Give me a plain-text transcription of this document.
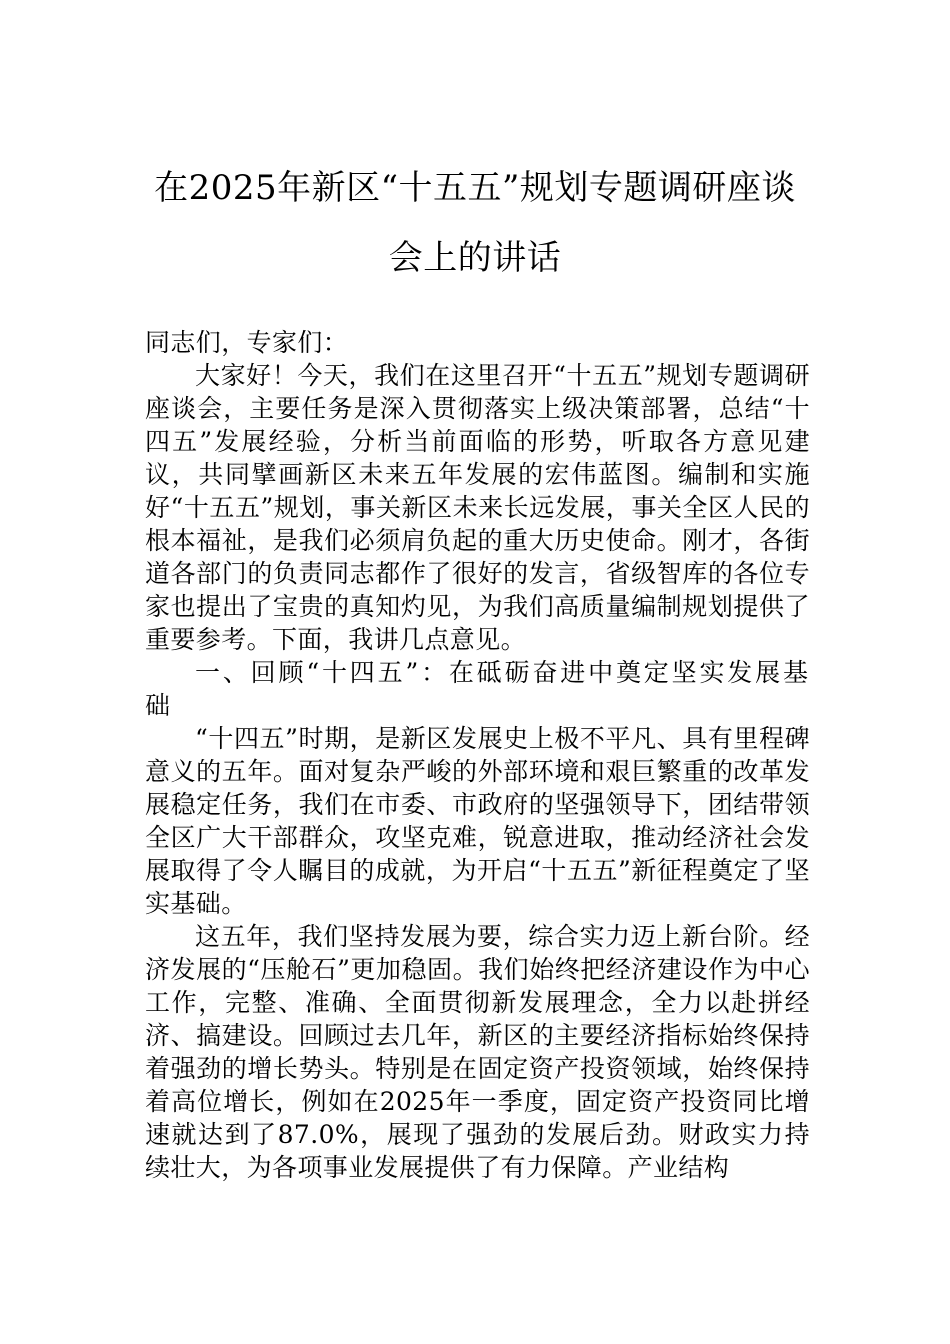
在2025年新区“十五五”规划专题调研座谈
会上的讲话

同志们，专家们：

大家好！今天，我们在这里召开“十五五”规划专题调研座谈会，主要任务是深入贯彻落实上级决策部署，总结“十四五”发展经验，分析当前面临的形势，听取各方意见建议，共同擘画新区未来五年发展的宏伟蓝图。编制和实施好“十五五”规划，事关新区未来长远发展，事关全区人民的根本福祉，是我们必须肩负起的重大历史使命。刚才，各街道各部门的负责同志都作了很好的发言，省级智库的各位专家也提出了宝贵的真知灼见，为我们高质量编制规划提供了重要参考。下面，我讲几点意见。

一、回顾“十四五”：在砥砺奋进中奠定坚实发展基础

“十四五”时期，是新区发展史上极不平凡、具有里程碑意义的五年。面对复杂严峻的外部环境和艰巨繁重的改革发展稳定任务，我们在市委、市政府的坚强领导下，团结带领全区广大干部群众，攻坚克难，锐意进取，推动经济社会发展取得了令人瞩目的成就，为开启“十五五”新征程奠定了坚实基础。

这五年，我们坚持发展为要，综合实力迈上新台阶。经济发展的“压舱石”更加稳固。我们始终把经济建设作为中心工作，完整、准确、全面贯彻新发展理念，全力以赴拼经济、搞建设。回顾过去几年，新区的主要经济指标始终保持着强劲的增长势头。特别是在固定资产投资领域，始终保持着高位增长，例如在2025年一季度，固定资产投资同比增速就达到了87.0%，展现了强劲的发展后劲。财政实力持续壮大，为各项事业发展提供了有力保障。产业结构
